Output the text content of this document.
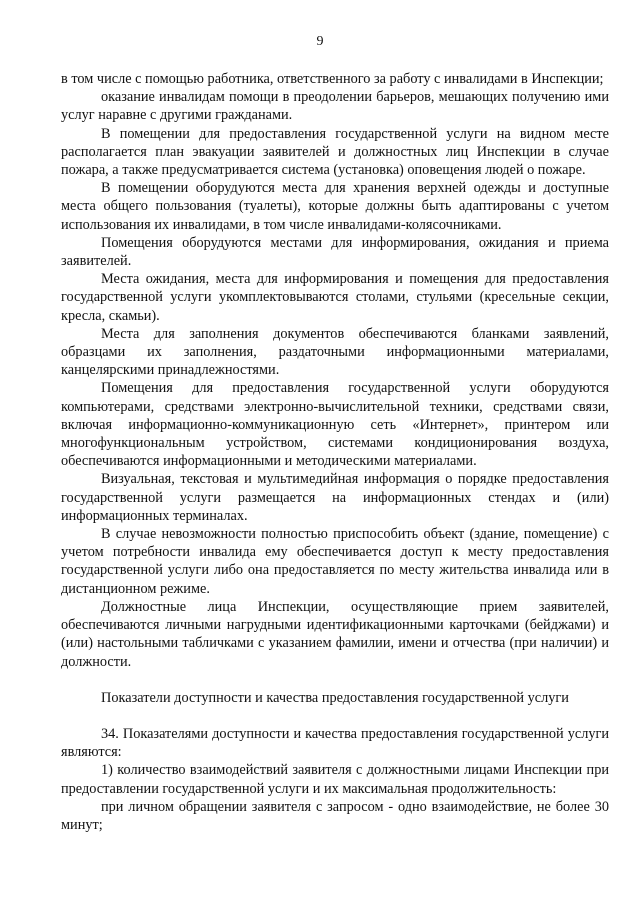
9

в том числе с помощью работника, ответственного за работу с инвалидами в Инспекции;

оказание инвалидам помощи в преодолении барьеров, мешающих получению ими услуг наравне с другими гражданами.

В помещении для предоставления государственной услуги на видном месте располагается план эвакуации заявителей и должностных лиц Инспекции в случае пожара, а также предусматривается система (установка) оповещения людей о пожаре.

В помещении оборудуются места для хранения верхней одежды и доступные места общего пользования (туалеты), которые должны быть адаптированы с учетом использования их инвалидами, в том числе инвалидами-колясочниками.

Помещения оборудуются местами для информирования, ожидания и приема заявителей.

Места ожидания, места для информирования и помещения для предоставления государственной услуги укомплектовываются столами, стульями (кресельные секции, кресла, скамьи).

Места для заполнения документов обеспечиваются бланками заявлений, образцами их заполнения, раздаточными информационными материалами, канцелярскими принадлежностями.

Помещения для предоставления государственной услуги оборудуются компьютерами, средствами электронно-вычислительной техники, средствами связи, включая информационно-коммуникационную сеть «Интернет», принтером или многофункциональным устройством, системами кондиционирования воздуха, обеспечиваются информационными и методическими материалами.

Визуальная, текстовая и мультимедийная информация о порядке предоставления государственной услуги размещается на информационных стендах и (или) информационных терминалах.

В случае невозможности полностью приспособить объект (здание, помещение) с учетом потребности инвалида ему обеспечивается доступ к месту предоставления государственной услуги либо она предоставляется по месту жительства инвалида или в дистанционном режиме.

Должностные лица Инспекции, осуществляющие прием заявителей, обеспечиваются личными нагрудными идентификационными карточками (бейджами) и (или) настольными табличками с указанием фамилии, имени и отчества (при наличии) и должности.

Показатели доступности и качества предоставления государственной услуги

34. Показателями доступности и качества предоставления государственной услуги являются:

1) количество взаимодействий заявителя с должностными лицами Инспекции при предоставлении государственной услуги и их максимальная продолжительность:

при личном обращении заявителя с запросом - одно взаимодействие, не более 30 минут;
